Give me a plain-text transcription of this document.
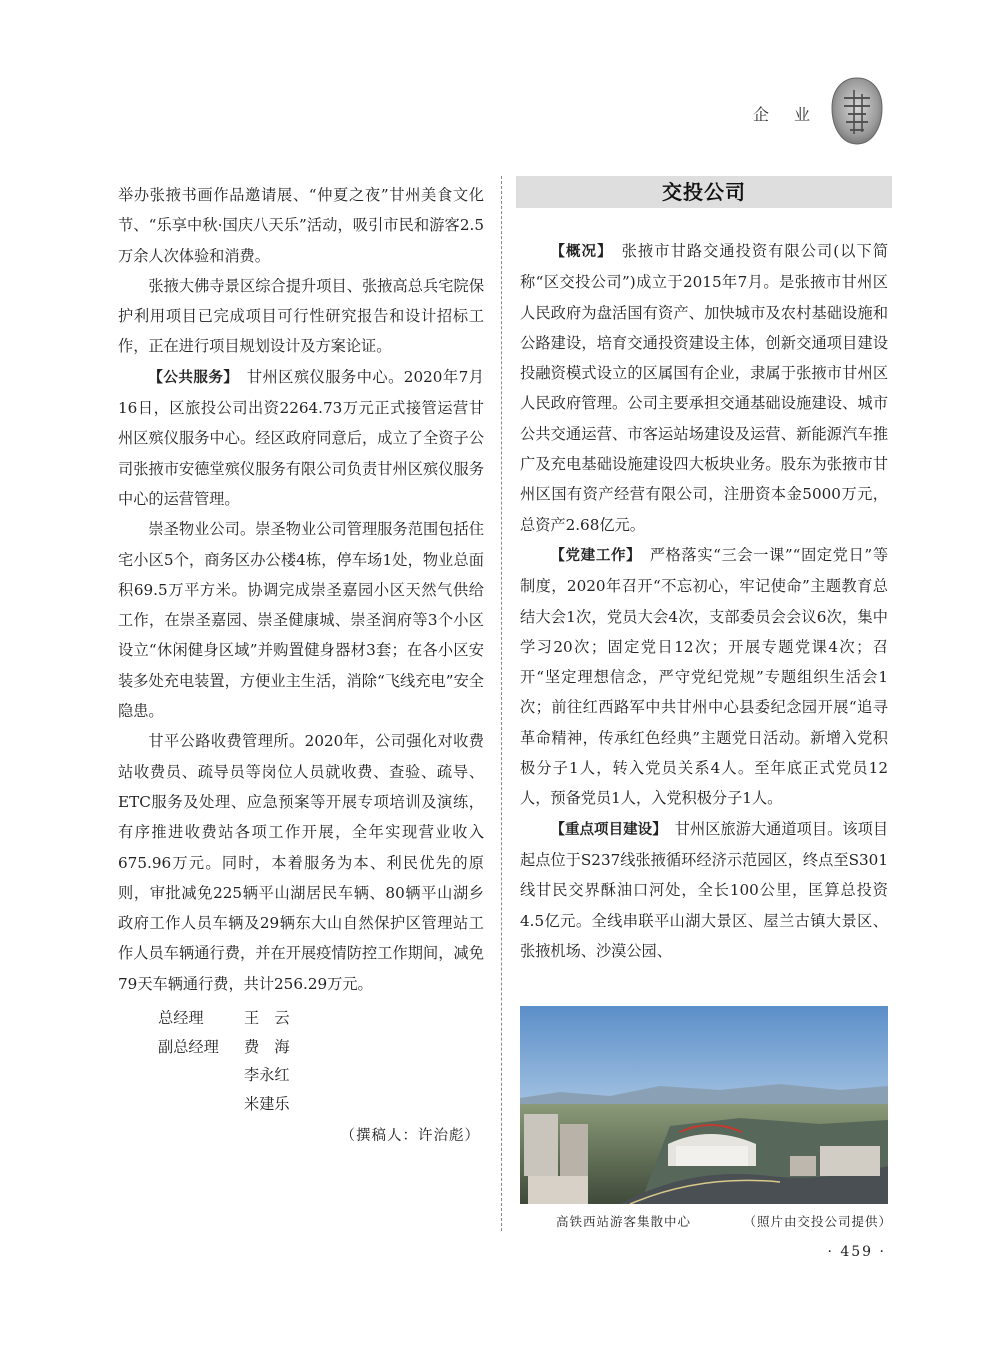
企 业

举办张掖书画作品邀请展、“仲夏之夜”甘州美食文化节、“乐享中秋·国庆八天乐”活动，吸引市民和游客2.5万余人次体验和消费。

张掖大佛寺景区综合提升项目、张掖高总兵宅院保护利用项目已完成项目可行性研究报告和设计招标工作，正在进行项目规划设计及方案论证。

【公共服务】　甘州区殡仪服务中心。2020年7月16日，区旅投公司出资2264.73万元正式接管运营甘州区殡仪服务中心。经区政府同意后，成立了全资子公司张掖市安德堂殡仪服务有限公司负责甘州区殡仪服务中心的运营管理。

崇圣物业公司。崇圣物业公司管理服务范围包括住宅小区5个，商务区办公楼4栋，停车场1处，物业总面积69.5万平方米。协调完成崇圣嘉园小区天然气供给工作，在崇圣嘉园、崇圣健康城、崇圣润府等3个小区设立“休闲健身区域”并购置健身器材3套；在各小区安装多处充电装置，方便业主生活，消除“飞线充电”安全隐患。

甘平公路收费管理所。2020年，公司强化对收费站收费员、疏导员等岗位人员就收费、查验、疏导、ETC服务及处理、应急预案等开展专项培训及演练，有序推进收费站各项工作开展，全年实现营业收入675.96万元。同时，本着服务为本、利民优先的原则，审批减免225辆平山湖居民车辆、80辆平山湖乡政府工作人员车辆及29辆东大山自然保护区管理站工作人员车辆通行费，并在开展疫情防控工作期间，减免79天车辆通行费，共计256.29万元。

总经理	王　云
副总经理	费　海
李永红
米建乐
（撰稿人：许治彪）
交投公司

【概况】　张掖市甘路交通投资有限公司(以下简称“区交投公司”)成立于2015年7月。是张掖市甘州区人民政府为盘活国有资产、加快城市及农村基础设施和公路建设，培育交通投资建设主体，创新交通项目建设投融资模式设立的区属国有企业，隶属于张掖市甘州区人民政府管理。公司主要承担交通基础设施建设、城市公共交通运营、市客运站场建设及运营、新能源汽车推广及充电基础设施建设四大板块业务。股东为张掖市甘州区国有资产经营有限公司，注册资本金5000万元，总资产2.68亿元。

【党建工作】　严格落实“三会一课”“固定党日”等制度，2020年召开“不忘初心，牢记使命”主题教育总结大会1次，党员大会4次，支部委员会会议6次，集中学习20次；固定党日12次；开展专题党课4次；召开“坚定理想信念，严守党纪党规”专题组织生活会1次；前往红西路军中共甘州中心县委纪念园开展“追寻革命精神，传承红色经典”主题党日活动。新增入党积极分子1人，转入党员关系4人。至年底正式党员12人，预备党员1人，入党积极分子1人。

【重点项目建设】　甘州区旅游大通道项目。该项目起点位于S237线张掖循环经济示范园区，终点至S301线甘民交界酥油口河处，全长100公里，匡算总投资4.5亿元。全线串联平山湖大景区、屋兰古镇大景区、张掖机场、沙漠公园、

高铁西站游客集散中心	（照片由交投公司提供）
· 459 ·
